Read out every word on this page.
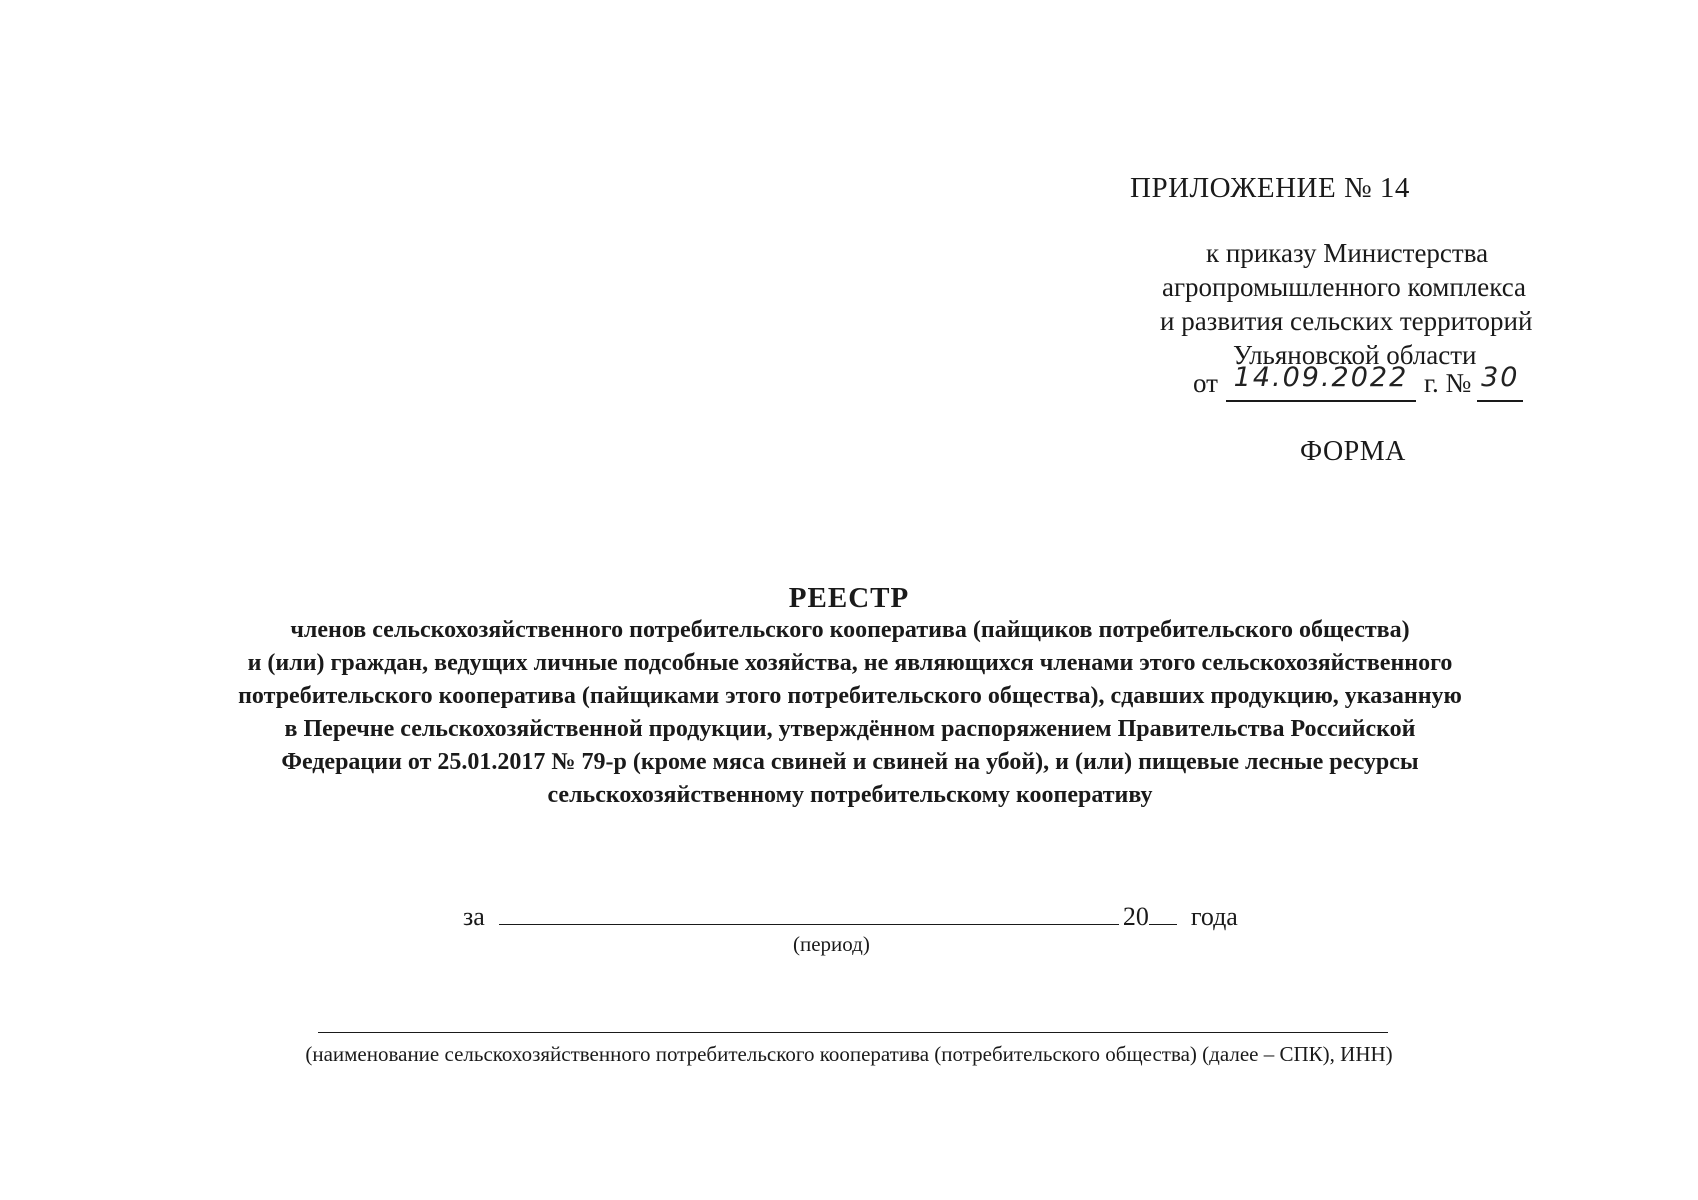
ПРИЛОЖЕНИЕ № 14
к приказу Министерства
агропромышленного комплекса
и развития сельских территорий
Ульяновской области
от 14.09.2022 г. № 30
ФОРМА
РЕЕСТР
членов сельскохозяйственного потребительского кооператива (пайщиков потребительского общества)
и (или) граждан, ведущих личные подсобные хозяйства, не являющихся членами этого сельскохозяйственного
потребительского кооператива (пайщиками этого потребительского общества), сдавших продукцию, указанную
в Перечне сельскохозяйственной продукции, утверждённом распоряжением Правительства Российской
Федерации от 25.01.2017 № 79-р (кроме мяса свиней и свиней на убой), и (или) пищевые лесные ресурсы
сельскохозяйственному потребительскому кооперативу
за	20 года
(период)
(наименование сельскохозяйственного потребительского кооператива (потребительского общества) (далее – СПК), ИНН)
